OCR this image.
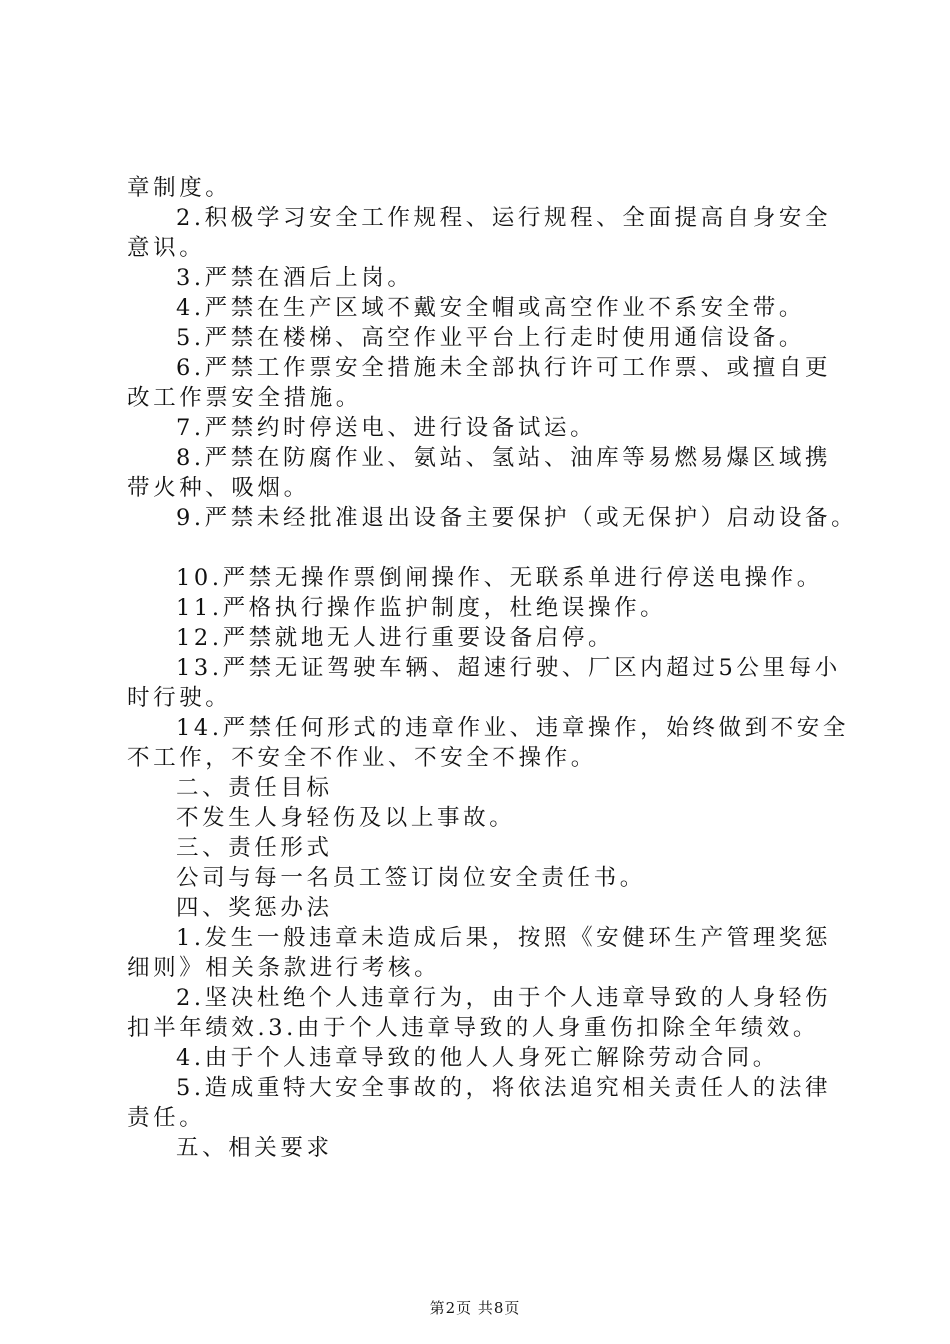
章制度。

2.积极学习安全工作规程、运行规程、全面提高自身安全

意识。

3.严禁在酒后上岗。

4.严禁在生产区域不戴安全帽或高空作业不系安全带。

5.严禁在楼梯、高空作业平台上行走时使用通信设备。

6.严禁工作票安全措施未全部执行许可工作票、或擅自更

改工作票安全措施。

7.严禁约时停送电、进行设备试运。

8.严禁在防腐作业、氨站、氢站、油库等易燃易爆区域携

带火种、吸烟。

9.严禁未经批准退出设备主要保护（或无保护）启动设备。

10.严禁无操作票倒闸操作、无联系单进行停送电操作。

11.严格执行操作监护制度，杜绝误操作。

12.严禁就地无人进行重要设备启停。

13.严禁无证驾驶车辆、超速行驶、厂区内超过5公里每小

时行驶。

14.严禁任何形式的违章作业、违章操作，始终做到不安全

不工作，不安全不作业、不安全不操作。

二、责任目标

不发生人身轻伤及以上事故。

三、责任形式

公司与每一名员工签订岗位安全责任书。

四、奖惩办法

1.发生一般违章未造成后果，按照《安健环生产管理奖惩

细则》相关条款进行考核。

2.坚决杜绝个人违章行为，由于个人违章导致的人身轻伤

扣半年绩效.3.由于个人违章导致的人身重伤扣除全年绩效。

4.由于个人违章导致的他人人身死亡解除劳动合同。

5.造成重特大安全事故的，将依法追究相关责任人的法律

责任。

五、相关要求

第2页 共8页
